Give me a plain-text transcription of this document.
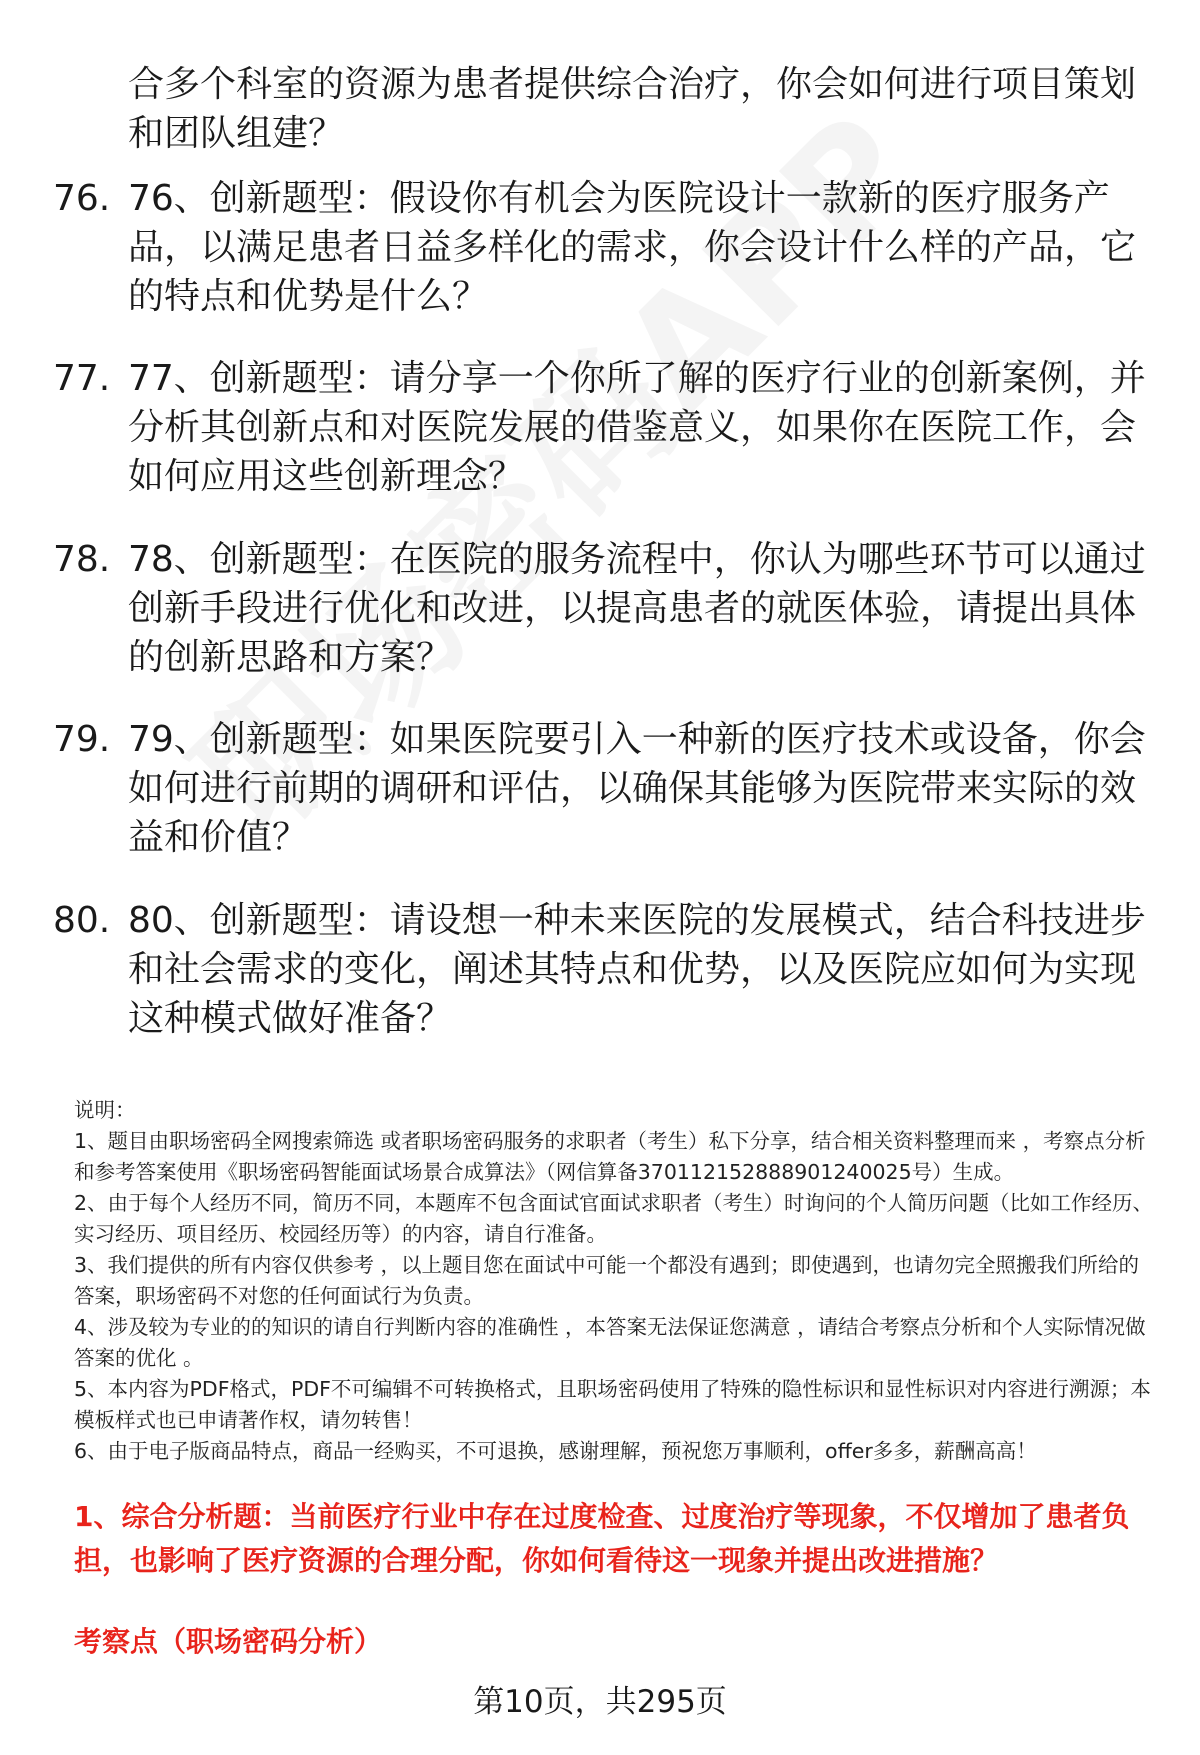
合多个科室的资源为患者提供综合治疗，你会如何进行项目策划和团队组建？
76. 76、创新题型：假设你有机会为医院设计一款新的医疗服务产品，以满足患者日益多样化的需求，你会设计什么样的产品，它的特点和优势是什么？
77. 77、创新题型：请分享一个你所了解的医疗行业的创新案例，并分析其创新点和对医院发展的借鉴意义，如果你在医院工作，会如何应用这些创新理念？
78. 78、创新题型：在医院的服务流程中，你认为哪些环节可以通过创新手段进行优化和改进，以提高患者的就医体验，请提出具体的创新思路和方案？
79. 79、创新题型：如果医院要引入一种新的医疗技术或设备，你会如何进行前期的调研和评估，以确保其能够为医院带来实际的效益和价值？
80. 80、创新题型：请设想一种未来医院的发展模式，结合科技进步和社会需求的变化，阐述其特点和优势，以及医院应如何为实现这种模式做好准备？

说明：

1、题目由职场密码全网搜索筛选 或者职场密码服务的求职者（考生）私下分享，结合相关资料整理而来 ，考察点分析和参考答案使用《职场密码智能面试场景合成算法》（网信算备370112152888901240025号）生成。

2、由于每个人经历不同，简历不同，本题库不包含面试官面试求职者（考生）时询问的个人简历问题（比如工作经历、实习经历、项目经历、校园经历等）的内容，请自行准备。

3、我们提供的所有内容仅供参考 ，以上题目您在面试中可能一个都没有遇到；即使遇到，也请勿完全照搬我们所给的答案，职场密码不对您的任何面试行为负责。

4、涉及较为专业的的知识的请自行判断内容的准确性 ，本答案无法保证您满意 ，请结合考察点分析和个人实际情况做答案的优化 。

5、本内容为PDF格式，PDF不可编辑不可转换格式，且职场密码使用了特殊的隐性标识和显性标识对内容进行溯源；本模板样式也已申请著作权，请勿转售！

6、由于电子版商品特点，商品一经购买，不可退换，感谢理解，预祝您万事顺利，offer多多，薪酬高高！

1、综合分析题：当前医疗行业中存在过度检查、过度治疗等现象，不仅增加了患者负担，也影响了医疗资源的合理分配，你如何看待这一现象并提出改进措施？
考察点（职场密码分析）
第10页，共295页
